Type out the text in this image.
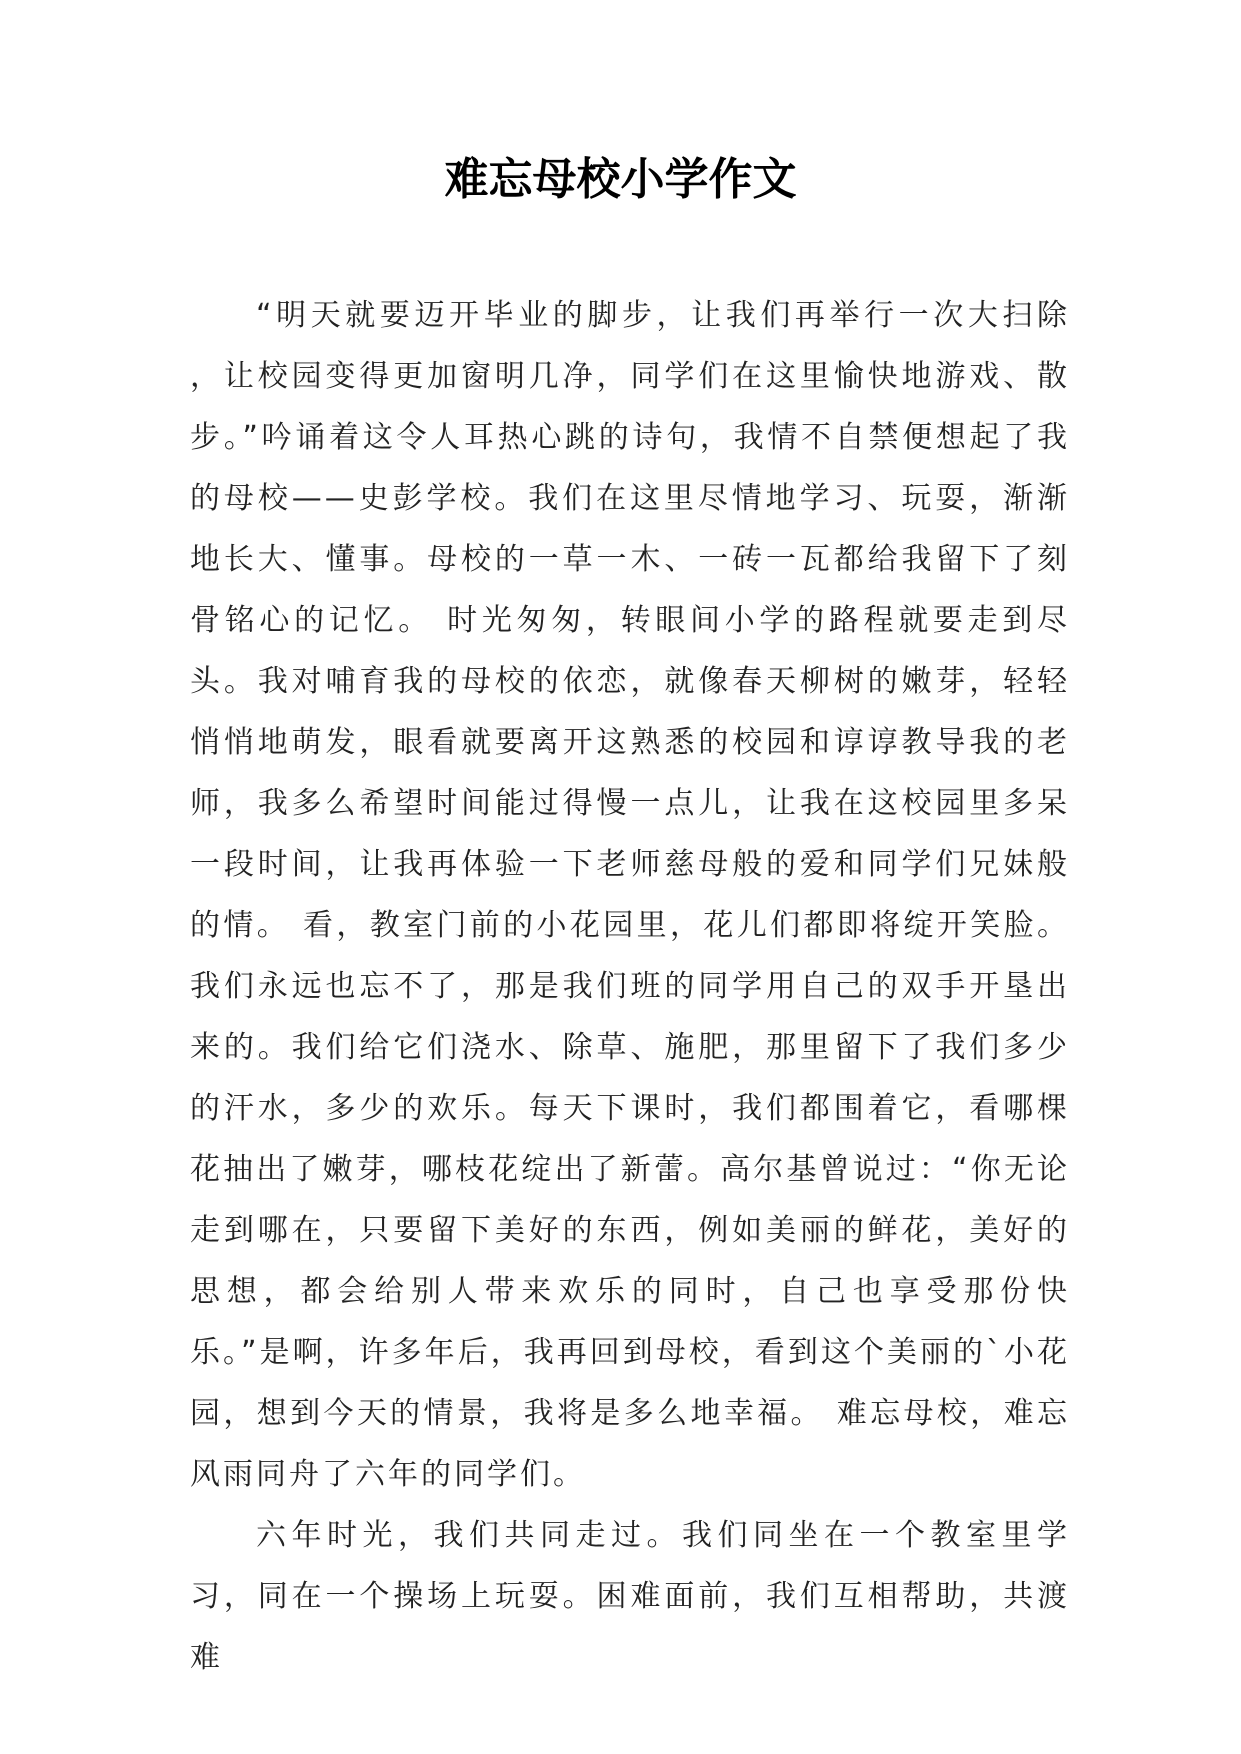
难忘母校小学作文

“明天就要迈开毕业的脚步，让我们再举行一次大扫除 ，让校园变得更加窗明几净，同学们在这里愉快地游戏、散步。”吟诵着这令人耳热心跳的诗句，我情不自禁便想起了我的母校——史彭学校。我们在这里尽情地学习、玩耍，渐渐地长大、懂事。母校的一草一木、一砖一瓦都给我留下了刻骨铭心的记忆。 时光匆匆，转眼间小学的路程就要走到尽头。我对哺育我的母校的依恋，就像春天柳树的嫩芽，轻轻悄悄地萌发，眼看就要离开这熟悉的校园和谆谆教导我的老师，我多么希望时间能过得慢一点儿，让我在这校园里多呆一段时间，让我再体验一下老师慈母般的爱和同学们兄妹般的情。 看，教室门前的小花园里，花儿们都即将绽开笑脸。我们永远也忘不了，那是我们班的同学用自己的双手开垦出来的。我们给它们浇水、除草、施肥，那里留下了我们多少的汗水，多少的欢乐。每天下课时，我们都围着它，看哪棵花抽出了嫩芽，哪枝花绽出了新蕾。高尔基曾说过：“你无论走到哪在，只要留下美好的东西，例如美丽的鲜花，美好的思想，都会给别人带来欢乐的同时，自己也享受那份快乐。”是啊，许多年后，我再回到母校，看到这个美丽的`小花园，想到今天的情景，我将是多么地幸福。 难忘母校，难忘风雨同舟了六年的同学们。

六年时光，我们共同走过。我们同坐在一个教室里学习，同在一个操场上玩耍。困难面前，我们互相帮助，共渡 难
